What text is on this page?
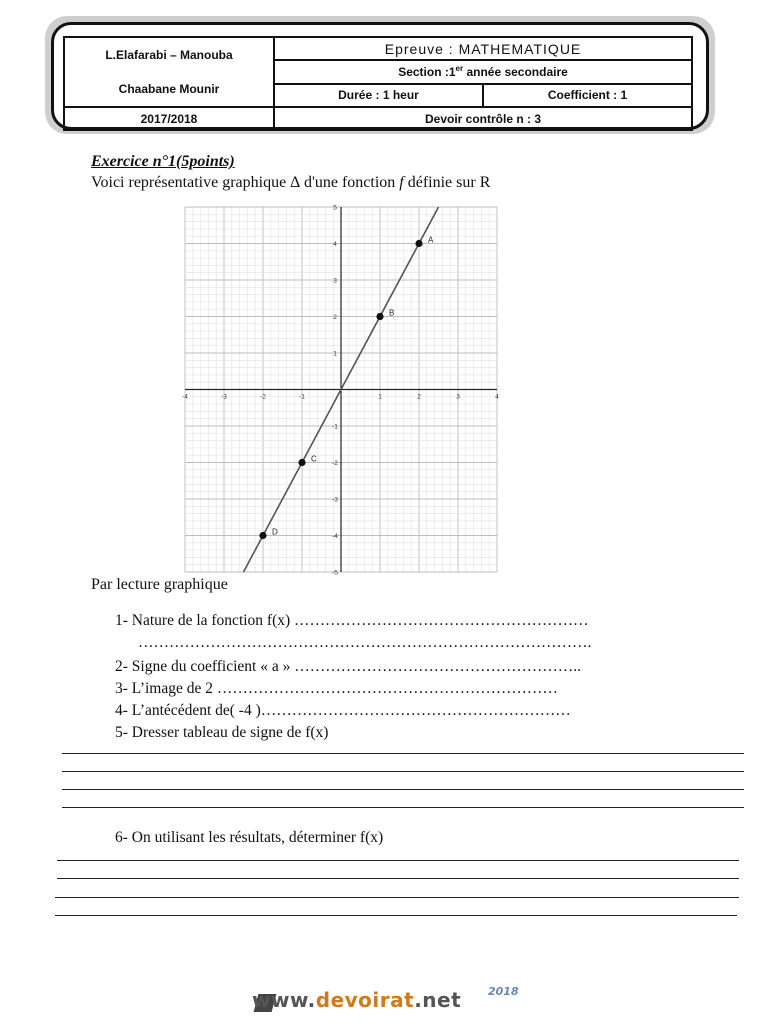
L.Elafarabi – Manouba
Chaabane Mounir	Epreuve : MATHEMATIQUE	
	Section :1er année secondaire	
	Durée : 1 heur	Coefficient : 1
2017/2018	Devoir contrôle n : 3	
Exercice n°1(5points)
Voici représentative graphique ∆ d'une fonction f définie sur R
-4	-3	-2	-1	1	2	3	4
5
4
3
2
1
-1
-2
-3
-4
-5
A
B
C
D
Par lecture graphique
1- Nature de la fonction f(x) …………………………………………………
…………………………………………………………………………….
2- Signe du coefficient « a » ………………………………………………..
3- L’image de 2 …………………………………………………………
4- L’antécédent de( -4 )……………………………………………………
5- Dresser tableau de signe de f(x)
6- On utilisant les résultats, déterminer f(x)
www.devoirat.net 2018
